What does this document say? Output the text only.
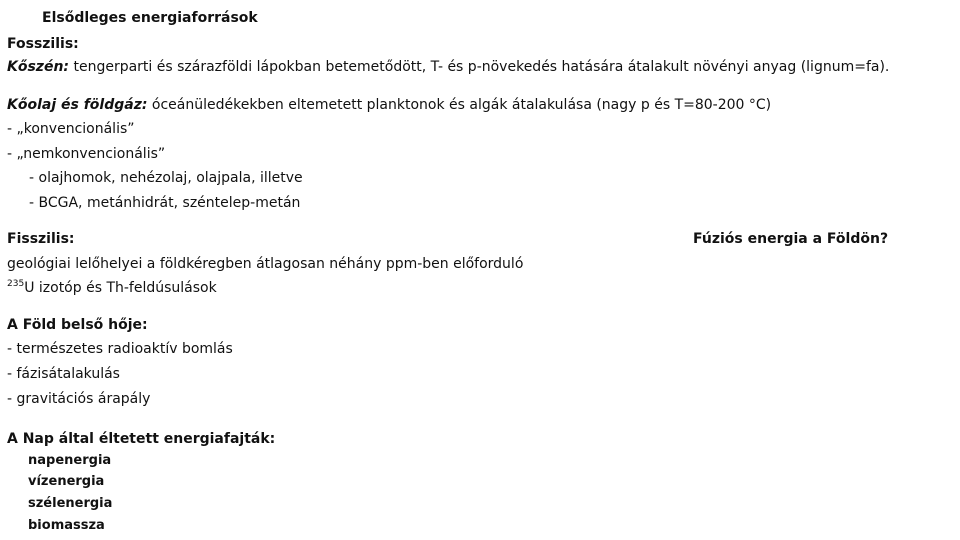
Elsődleges energiaforrások
Fosszilis:
Kőszén: tengerparti és szárazföldi lápokban betemetődött, T- és p-növekedés hatására átalakult növényi anyag (lignum=fa).
Kőolaj és földgáz: óceánüledékekben eltemetett planktonok és algák átalakulása (nagy p és T=80-200 °C)
- „konvencionális”
- „nemkonvencionális”
- olajhomok, nehézolaj, olajpala, illetve
- BCGA, metánhidrát, széntelep-metán
Fisszilis:
geológiai lelőhelyei a földkéregben átlagosan néhány ppm-ben előforduló
$^{235}$U izotóp és Th-feldúsulások
Fúziós energia a Földön?
A Föld belső hője:
- természetes radioaktív bomlás
- fázisátalakulás
- gravitációs árapály
A Nap által éltetett energiafajták:
napenergia
vízenergia
szélenergia
biomassza
